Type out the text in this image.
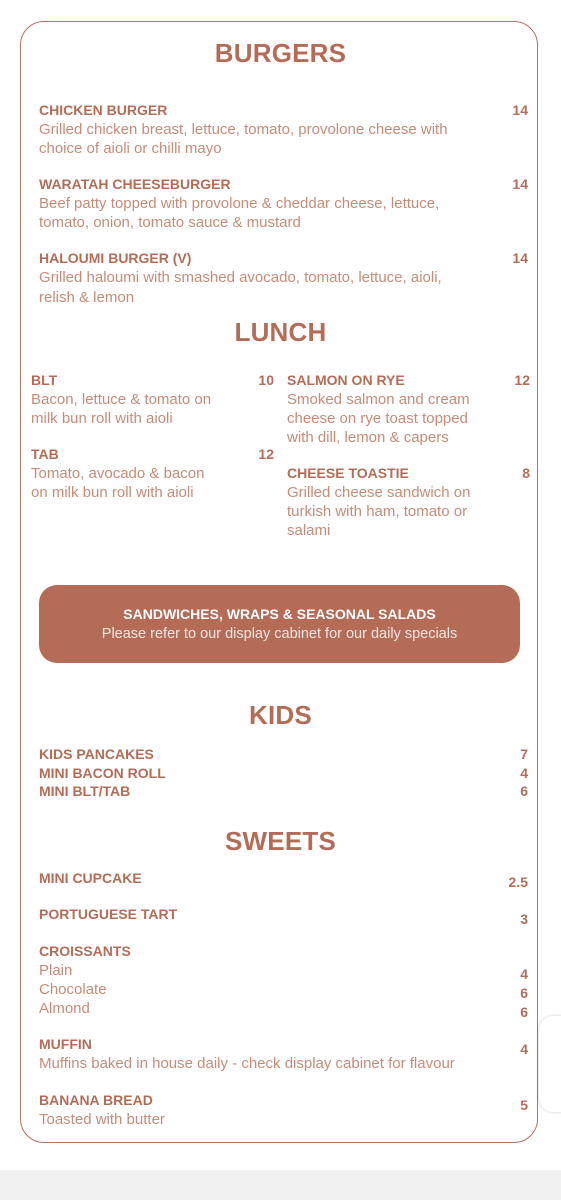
BURGERS
CHICKEN BURGER	14
Grilled chicken breast, lettuce, tomato, provolone cheese with
choice of aioli or chilli mayo
WARATAH CHEESEBURGER	14
Beef patty topped with provolone & cheddar cheese, lettuce,
tomato, onion, tomato sauce & mustard
HALOUMI BURGER (V)	14
Grilled haloumi with smashed avocado, tomato, lettuce, aioli,
relish & lemon
LUNCH
BLT	10
Bacon, lettuce & tomato on
milk bun roll with aioli
TAB	12
Tomato, avocado & bacon
on milk bun roll with aioli
SALMON ON RYE	12
Smoked salmon and cream
cheese on rye toast topped
with dill, lemon & capers
CHEESE TOASTIE	8
Grilled cheese sandwich on
turkish with ham, tomato or
salami
SANDWICHES, WRAPS & SEASONAL SALADS
Please refer to our display cabinet for our daily specials
KIDS
KIDS PANCAKES	7
MINI BACON ROLL	4
MINI BLT/TAB	6
SWEETS
MINI CUPCAKE	2.5
PORTUGUESE TART	3
CROISSANTS
Plain	4
Chocolate	6
Almond	6
MUFFIN	4
Muffins baked in house daily - check display cabinet for flavour
BANANA BREAD	5
Toasted with butter
